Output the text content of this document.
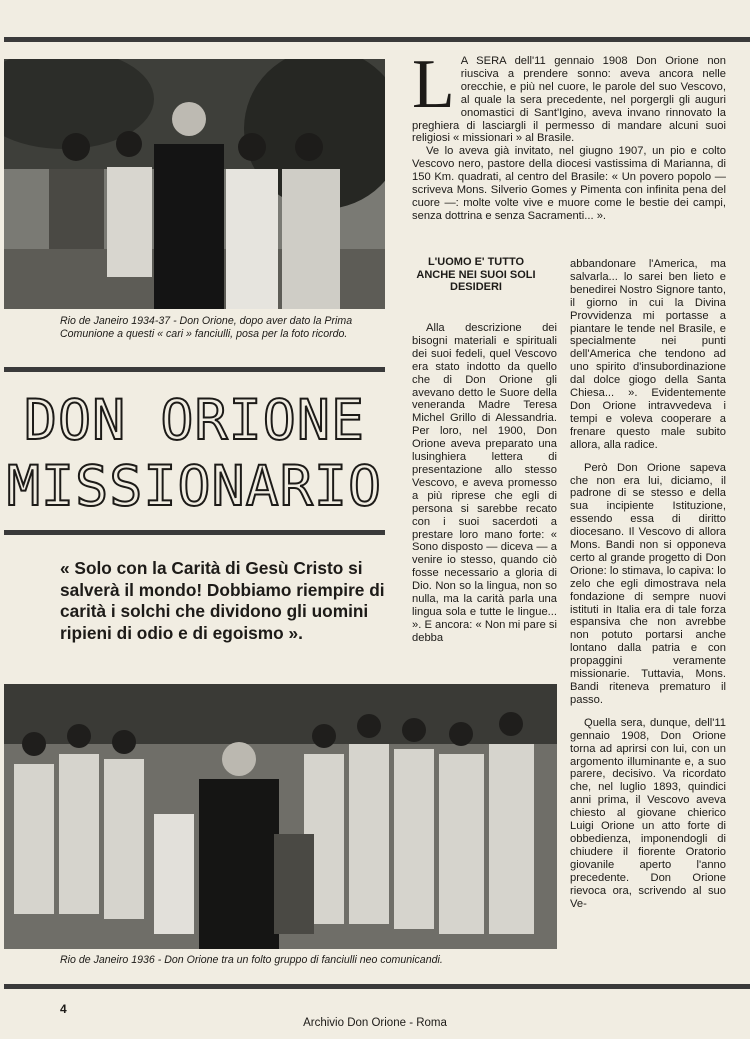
Rio de Janeiro 1934-37 - Don Orione, dopo aver dato la Prima Comunione a questi « cari » fanciulli, posa per la foto ricordo.

DON ORIONE
MISSIONARIO

« Solo con la Carità di Gesù Cristo si salverà il mondo! Dobbiamo riempire di carità i solchi che dividono gli uomini ripieni di odio e di egoismo ».

L A SERA dell'11 gennaio 1908 Don Orione non riusciva a prendere sonno: aveva ancora nelle orecchie, e più nel cuore, le parole del suo Vescovo, al quale la sera precedente, nel porgergli gli auguri onomastici di Sant'Igino, aveva invano rinnovato la preghiera di lasciargli il permesso di mandare alcuni suoi religiosi « missionari » al Brasile.

Ve lo aveva già invitato, nel giugno 1907, un pio e colto Vescovo nero, pastore della diocesi vastissima di Marianna, di 150 Km. quadrati, al centro del Brasile: « Un povero popolo — scriveva Mons. Silverio Gomes y Pimenta con infinita pena del cuore —: molte volte vive e muore come le bestie dei campi, senza dottrina e senza Sacramenti... ».

L'UOMO E' TUTTO ANCHE NEI SUOI SOLI DESIDERI

Alla descrizione dei bisogni materiali e spirituali dei suoi fedeli, quel Vescovo era stato indotto da quello che di Don Orione gli avevano detto le Suore della veneranda Madre Teresa Michel Grillo di Alessandria. Per loro, nel 1900, Don Orione aveva preparato una lusinghiera lettera di presentazione allo stesso Vescovo, e aveva promesso a più riprese che egli di persona si sarebbe recato con i suoi sacerdoti a prestare loro mano forte: « Sono disposto — diceva — a venire io stesso, quando ciò fosse necessario a gloria di Dio. Non so la lingua, non so nulla, ma la carità parla una lingua sola e tutte le lingue... ». E ancora: « Non mi pare si debba

abbandonare l'America, ma salvarla... lo sarei ben lieto e benedirei Nostro Signore tanto, il giorno in cui la Divina Provvidenza mi portasse a piantare le tende nel Brasile, e specialmente nei punti dell'America che tendono ad uno spirito d'insubordinazione dal dolce giogo della Santa Chiesa... ». Evidentemente Don Orione intravvedeva i tempi e voleva cooperare a frenare questo male subito allora, alla radice.

Però Don Orione sapeva che non era lui, diciamo, il padrone di se stesso e della sua incipiente Istituzione, essendo essa di diritto diocesano. Il Vescovo di allora Mons. Bandi non si opponeva certo al grande progetto di Don Orione: lo stimava, lo capiva: lo zelo che egli dimostrava nela fondazione di sempre nuovi istituti in Italia era di tale forza espansiva che non avrebbe non potuto portarsi anche lontano dalla patria e con propaggini veramente missionarie. Tuttavia, Mons. Bandi riteneva prematuro il passo.

Quella sera, dunque, dell'11 gennaio 1908, Don Orione torna ad aprirsi con lui, con un argomento illuminante e, a suo parere, decisivo. Va ricordato che, nel luglio 1893, quindici anni prima, il Vescovo aveva chiesto al giovane chierico Luigi Orione un atto forte di obbedienza, imponendogli di chiudere il fiorente Oratorio giovanile aperto l'anno precedente. Don Orione rievoca ora, scrivendo al suo Ve-

Rio de Janeiro 1936 - Don Orione tra un folto gruppo di fanciulli neo comunicandi.

4

Archivio Don Orione - Roma
